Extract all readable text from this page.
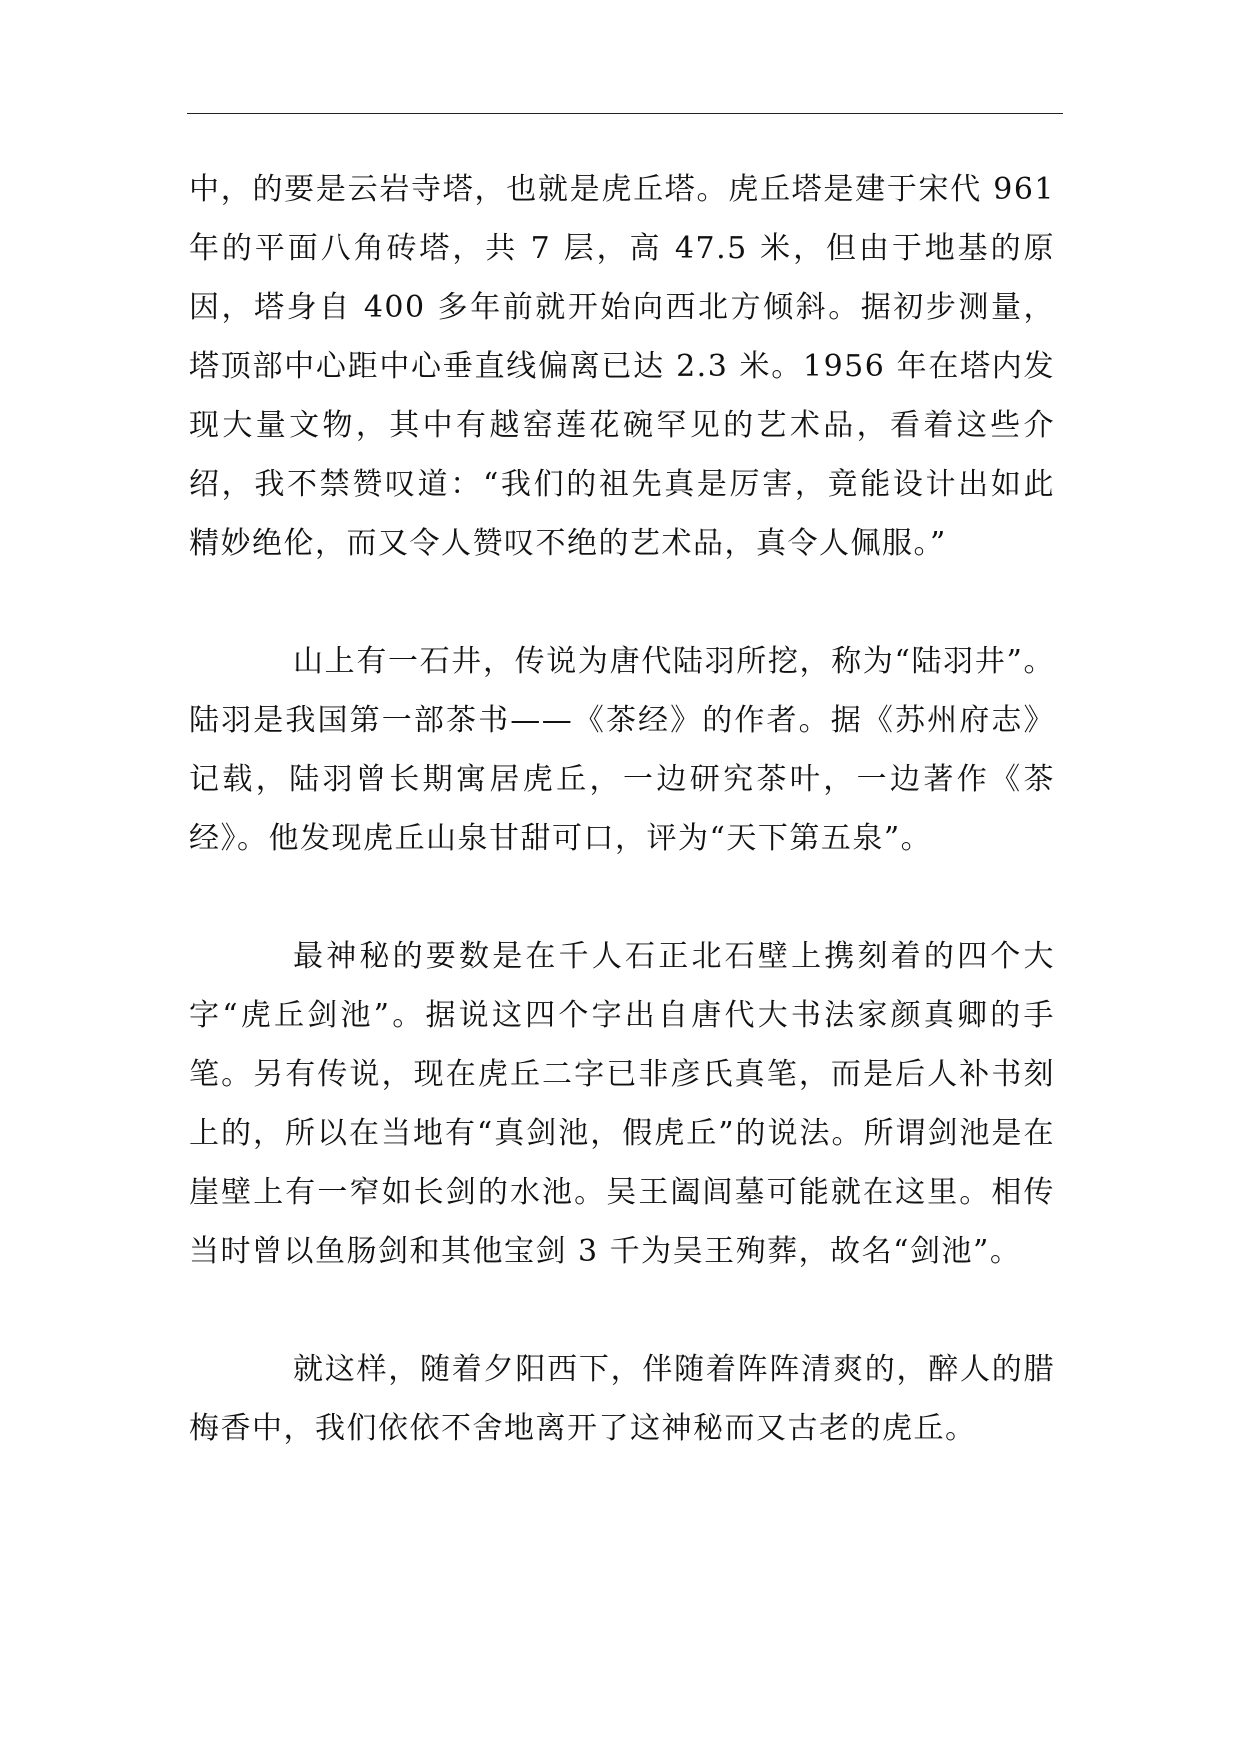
中，的要是云岩寺塔，也就是虎丘塔。虎丘塔是建于宋代 961 年的平面八角砖塔，共 7 层，高 47.5 米，但由于地基的原因，塔身自 400 多年前就开始向西北方倾斜。据初步测量，塔顶部中心距中心垂直线偏离已达 2.3 米。1956 年在塔内发现大量文物，其中有越窑莲花碗罕见的艺术品，看着这些介绍，我不禁赞叹道：“我们的祖先真是厉害，竟能设计出如此精妙绝伦，而又令人赞叹不绝的艺术品，真令人佩服。”

山上有一石井，传说为唐代陆羽所挖，称为“陆羽井”。陆羽是我国第一部茶书——《茶经》的作者。据《苏州府志》记载，陆羽曾长期寓居虎丘，一边研究茶叶，一边著作《茶经》。他发现虎丘山泉甘甜可口，评为“天下第五泉”。

最神秘的要数是在千人石正北石壁上携刻着的四个大字“虎丘剑池”。据说这四个字出自唐代大书法家颜真卿的手笔。另有传说，现在虎丘二字已非彦氏真笔，而是后人补书刻上的，所以在当地有“真剑池，假虎丘”的说法。所谓剑池是在崖壁上有一窄如长剑的水池。吴王阖闾墓可能就在这里。相传当时曾以鱼肠剑和其他宝剑 3 千为吴王殉葬，故名“剑池”。

就这样，随着夕阳西下，伴随着阵阵清爽的，醉人的腊梅香中，我们依依不舍地离开了这神秘而又古老的虎丘。
